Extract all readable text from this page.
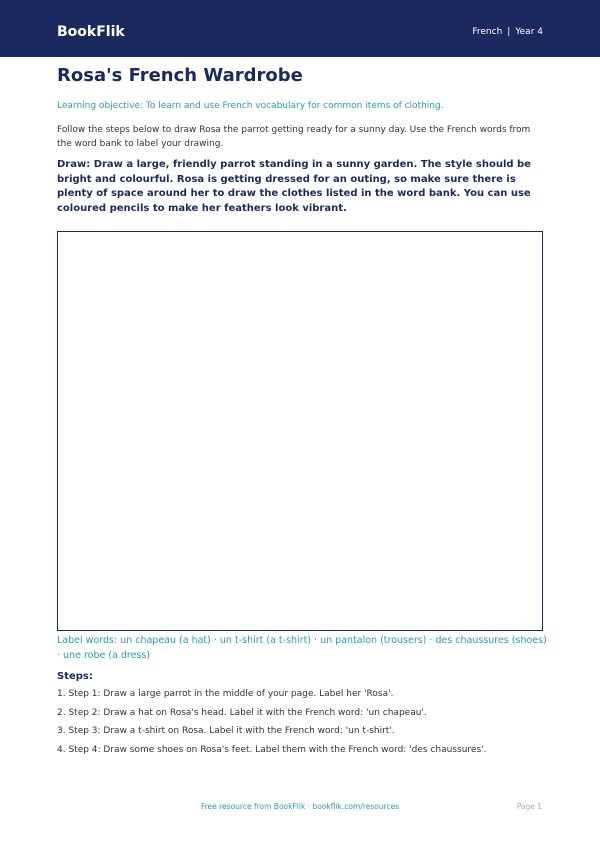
BookFlik	French | Year 4
Rosa's French Wardrobe
Learning objective: To learn and use French vocabulary for common items of clothing.
Follow the steps below to draw Rosa the parrot getting ready for a sunny day. Use the French words from the word bank to label your drawing.
Draw: Draw a large, friendly parrot standing in a sunny garden. The style should be bright and colourful. Rosa is getting dressed for an outing, so make sure there is plenty of space around her to draw the clothes listed in the word bank. You can use coloured pencils to make her feathers look vibrant.
Label words: un chapeau (a hat) · un t-shirt (a t-shirt) · un pantalon (trousers) · des chaussures (shoes) · une robe (a dress)
Steps:
1. Step 1: Draw a large parrot in the middle of your page. Label her 'Rosa'.
2. Step 2: Draw a hat on Rosa's head. Label it with the French word: 'un chapeau'.
3. Step 3: Draw a t-shirt on Rosa. Label it with the French word: 'un t-shirt'.
4. Step 4: Draw some shoes on Rosa's feet. Label them with the French word: 'des chaussures'.
Free resource from BookFlik · bookflik.com/resources	Page 1
